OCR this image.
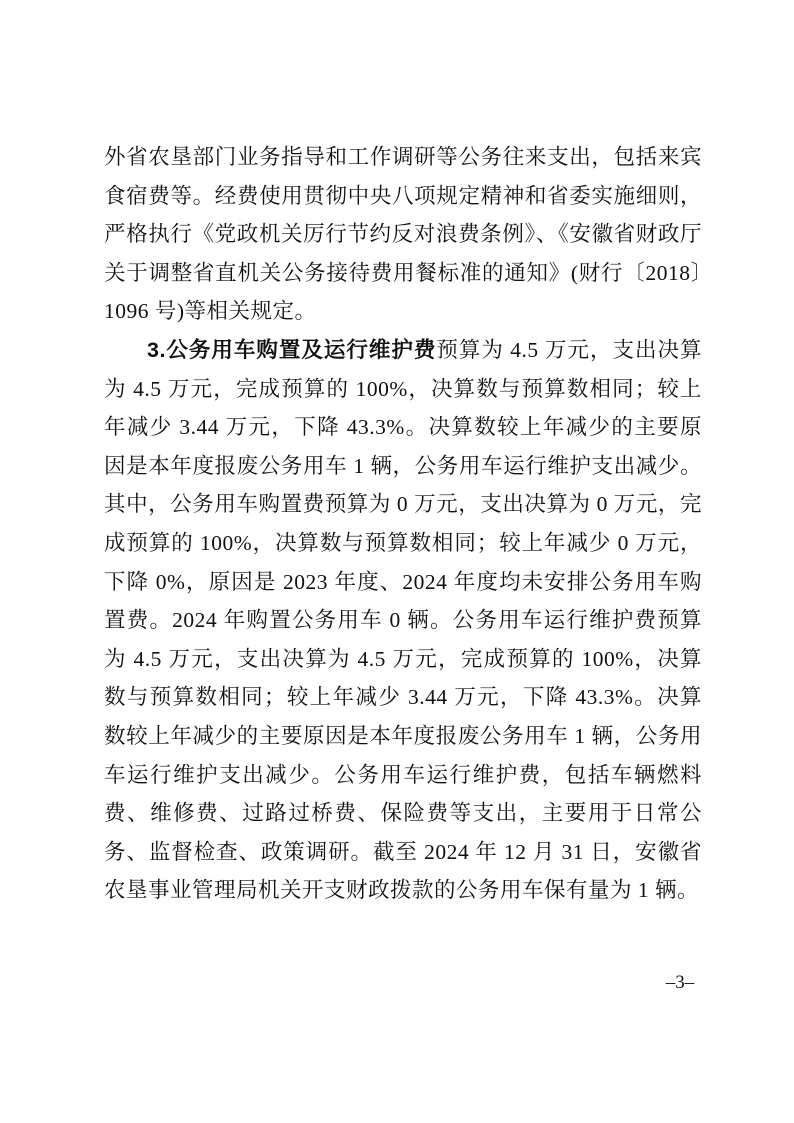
外省农垦部门业务指导和工作调研等公务往来支出，包括来宾食宿费等。经费使用贯彻中央八项规定精神和省委实施细则，严格执行《党政机关厉行节约反对浪费条例》、《安徽省财政厅关于调整省直机关公务接待费用餐标准的通知》(财行〔2018〕1096 号)等相关规定。

3.公务用车购置及运行维护费预算为 4.5 万元，支出决算为 4.5 万元，完成预算的 100%，决算数与预算数相同；较上年减少 3.44 万元，下降 43.3%。决算数较上年减少的主要原因是本年度报废公务用车 1 辆，公务用车运行维护支出减少。其中，公务用车购置费预算为 0 万元，支出决算为 0 万元，完成预算的 100%，决算数与预算数相同；较上年减少 0 万元，下降 0%，原因是 2023 年度、2024 年度均未安排公务用车购置费。2024 年购置公务用车 0 辆。公务用车运行维护费预算为 4.5 万元，支出决算为 4.5 万元，完成预算的 100%，决算数与预算数相同；较上年减少 3.44 万元，下降 43.3%。决算数较上年减少的主要原因是本年度报废公务用车 1 辆，公务用车运行维护支出减少。公务用车运行维护费，包括车辆燃料费、维修费、过路过桥费、保险费等支出，主要用于日常公务、监督检查、政策调研。截至 2024 年 12 月 31 日，安徽省农垦事业管理局机关开支财政拨款的公务用车保有量为 1 辆。

–3–
